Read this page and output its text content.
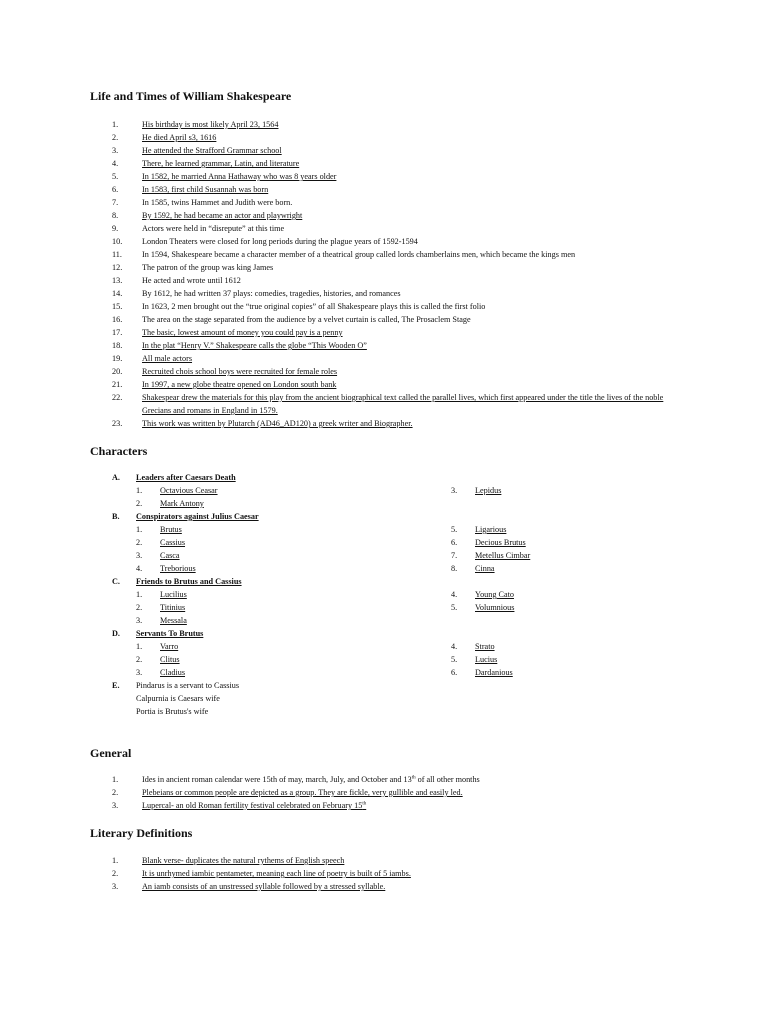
Life and Times of William Shakespeare
1.	His birthday is most likely April 23, 1564
2.	He died April s3, 1616
3.	He attended the Strafford Grammar school
4.	There, he learned grammar, Latin, and literature
5.	In 1582, he married Anna Hathaway who was 8 years older
6.	In 1583, first child Susannah was born
7.	In 1585, twins Hammet and Judith were born.
8.	By 1592, he had became an actor and playwright
9.	Actors were held in “disrepute” at this time
10.	London Theaters were closed for long periods during the plague years of 1592-1594
11.	In 1594, Shakespeare became a character member of a theatrical group called lords chamberlains men, which became the kings men
12.	The patron of the group was king James
13.	He acted and wrote until 1612
14.	By 1612, he had written 37 plays: comedies, tragedies, histories, and romances
15.	In 1623, 2 men brought out the “true original copies” of all Shakespeare plays this is called the first folio
16.	The area on the stage separated from the audience by a velvet curtain is called, The Prosaclem Stage
17.	The basic, lowest amount of money you could pay is a penny
18.	In the plat “Henry V.” Shakespeare calls the globe “This Wooden O”
19.	All male actors
20.	Recruited chois school boys were recruited for female roles
21.	In 1997, a new globe theatre opened on London south bank
22.	Shakespear drew the materials for this play from the ancient biographical text called the parallel lives, which first appeared under the title the lives of the noble Grecians and romans in England in 1579.
23.	This work was written by Plutarch (AD46_AD120) a greek writer and Biographer.
Characters
A.	Leaders after Caesars Death
1. Octavious Ceasar
2. Mark Antony
3. Lepidus
B.	Conspirators against Julius Caesar
1. Brutus
2. Cassius
3. Casca
4. Treborious
5. Ligarious
6. Decious Brutus
7. Metellus Cimbar
8. Cinna
C.	Friends to Brutus and Cassius
1. Lucilius
2. Titinius
3. Messala
4. Young Cato
5. Volumnious
D.	Servants To Brutus
1. Varro
2. Clitus
3. Cladius
4. Strato
5. Lucius
6. Dardanious
E.	Pindarus is a servant to Cassius
Calpurnia is Caesars wife
Portia is Brutus's wife
General
1.	Ides in ancient roman calendar were 15th of may, march, July, and October and 13th of all other months
2.	Plebeians or common people are depicted as a group. They are fickle, very gullible and easily led.
3.	Lupercal- an old Roman fertility festival celebrated on February 15th
Literary Definitions
1.	Blank verse- duplicates the natural rythems of English speech
2.	It is unrhymed iambic pentameter, meaning each line of poetry is built of 5 iambs.
3.	An iamb consists of an unstressed syllable followed by a stressed syllable.
